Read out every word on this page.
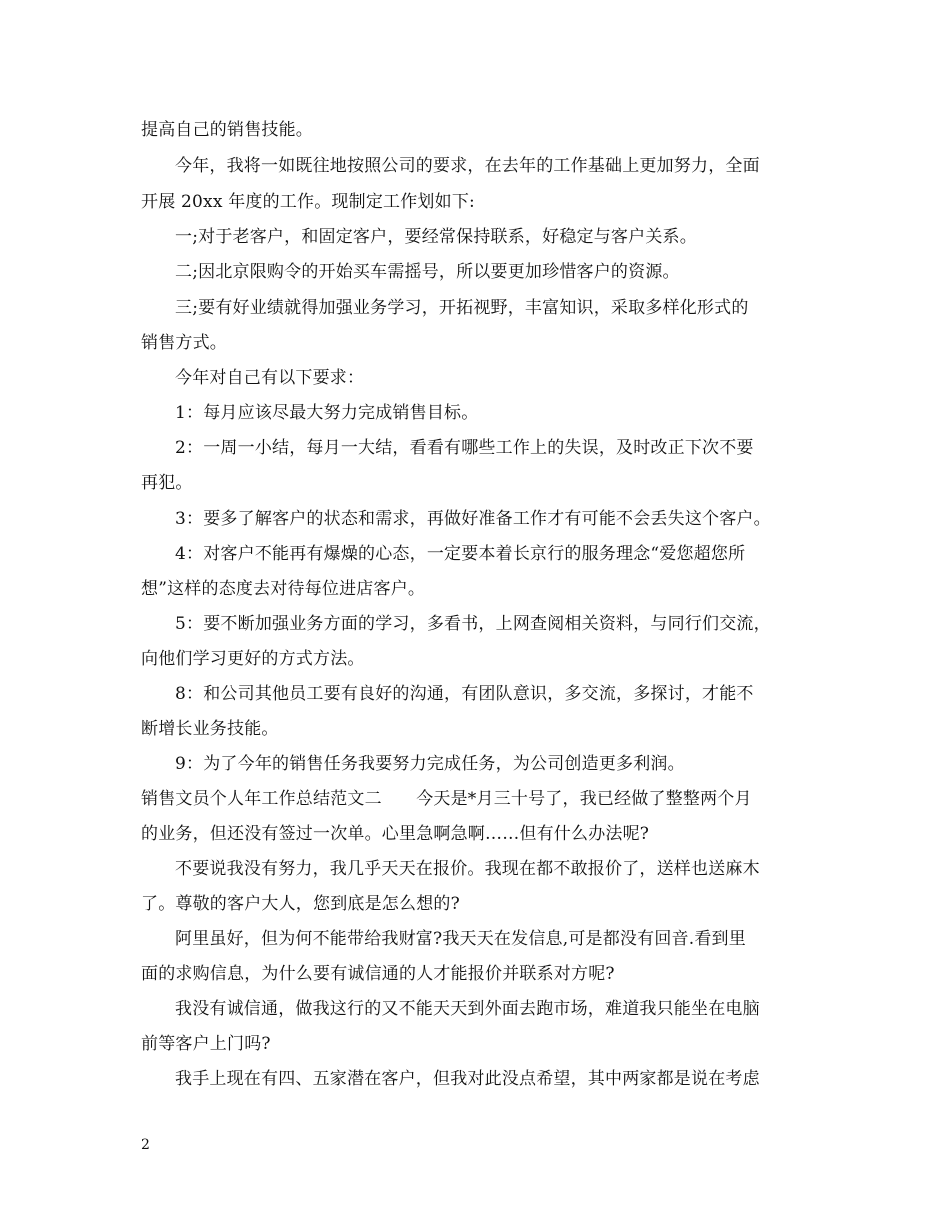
提高自己的销售技能。
今年，我将一如既往地按照公司的要求，在去年的工作基础上更加努力，全面
开展 20xx 年度的工作。现制定工作划如下:
一;对于老客户，和固定客户，要经常保持联系，好稳定与客户关系。
二;因北京限购令的开始买车需摇号，所以要更加珍惜客户的资源。
三;要有好业绩就得加强业务学习，开拓视野，丰富知识，采取多样化形式的
销售方式。
今年对自己有以下要求：
1：每月应该尽最大努力完成销售目标。
2：一周一小结，每月一大结，看看有哪些工作上的失误，及时改正下次不要
再犯。
3：要多了解客户的状态和需求，再做好准备工作才有可能不会丢失这个客户。
4：对客户不能再有爆燥的心态，一定要本着长京行的服务理念“爱您超您所
想”这样的态度去对待每位进店客户。
5：要不断加强业务方面的学习，多看书，上网查阅相关资料，与同行们交流，
向他们学习更好的方式方法。
8：和公司其他员工要有良好的沟通，有团队意识，多交流，多探讨，才能不
断增长业务技能。
9：为了今年的销售任务我要努力完成任务，为公司创造更多利润。
销售文员个人年工作总结范文二　　今天是*月三十号了，我已经做了整整两个月
的业务，但还没有签过一次单。心里急啊急啊……但有什么办法呢?
不要说我没有努力，我几乎天天在报价。我现在都不敢报价了，送样也送麻木
了。尊敬的客户大人，您到底是怎么想的?
阿里虽好，但为何不能带给我财富?我天天在发信息,可是都没有回音.看到里
面的求购信息，为什么要有诚信通的人才能报价并联系对方呢?
我没有诚信通，做我这行的又不能天天到外面去跑市场，难道我只能坐在电脑
前等客户上门吗?
我手上现在有四、五家潜在客户，但我对此没点希望，其中两家都是说在考虑
2
